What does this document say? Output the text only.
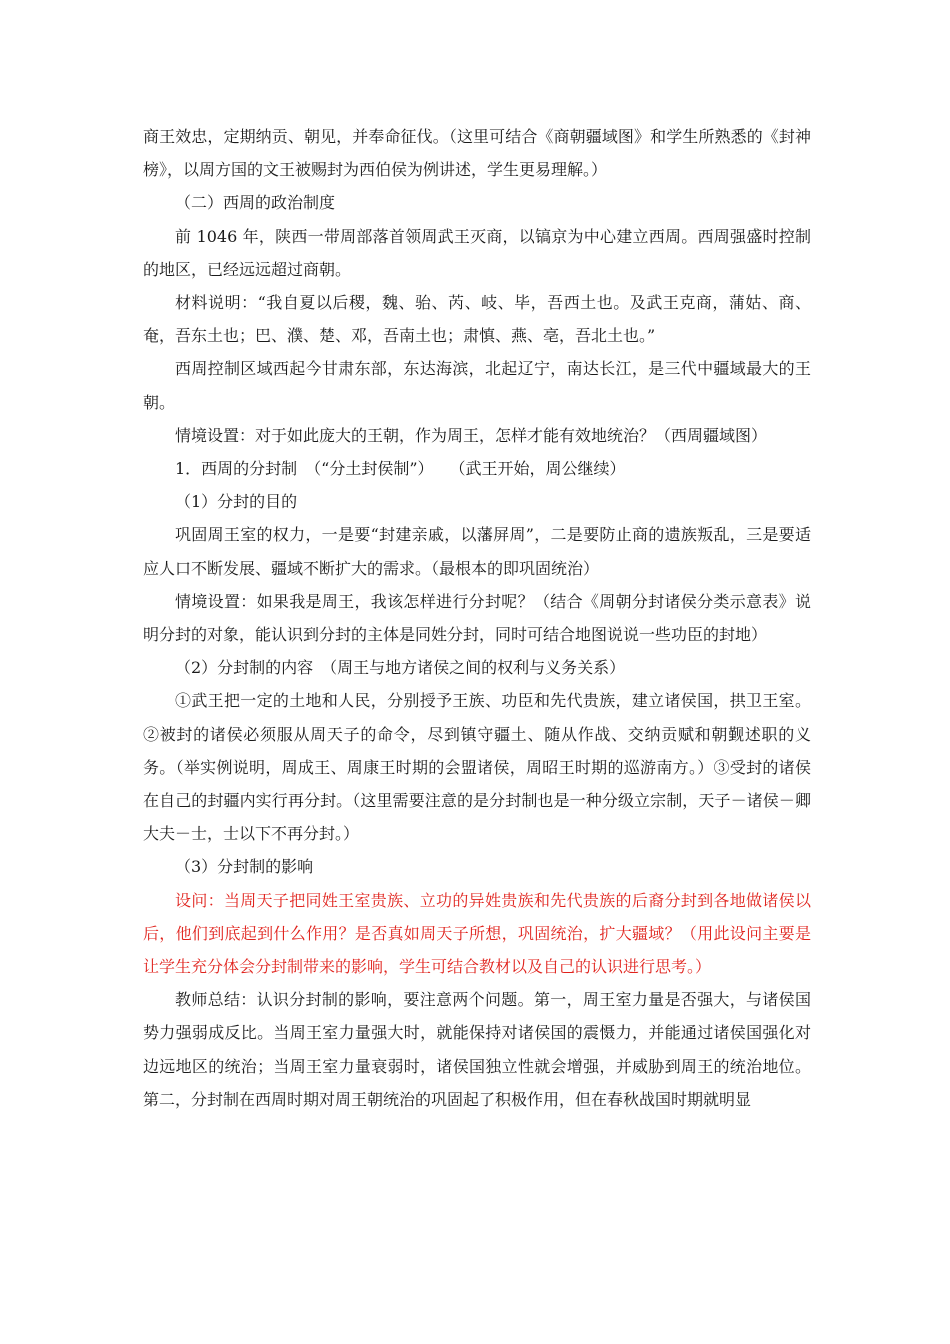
商王效忠，定期纳贡、朝见，并奉命征伐。（这里可结合《商朝疆域图》和学生所熟悉的《封神榜》，以周方国的文王被赐封为西伯侯为例讲述，学生更易理解。）

（二）西周的政治制度

前 1046 年，陕西一带周部落首领周武王灭商，以镐京为中心建立西周。西周强盛时控制的地区，已经远远超过商朝。

材料说明：“我自夏以后稷，魏、骀、芮、岐、毕，吾西土也。及武王克商，蒲姑、商、奄，吾东土也；巴、濮、楚、邓，吾南土也；肃慎、燕、亳，吾北土也。”

西周控制区域西起今甘肃东部，东达海滨，北起辽宁，南达长江，是三代中疆域最大的王朝。

情境设置：对于如此庞大的王朝，作为周王，怎样才能有效地统治？（西周疆域图）

1．西周的分封制　（“分土封侯制”）　　（武王开始，周公继续）

（1）分封的目的

巩固周王室的权力，一是要“封建亲戚，以藩屏周”，二是要防止商的遗族叛乱，三是要适应人口不断发展、疆域不断扩大的需求。（最根本的即巩固统治）

情境设置：如果我是周王，我该怎样进行分封呢？（结合《周朝分封诸侯分类示意表》说明分封的对象，能认识到分封的主体是同姓分封，同时可结合地图说说一些功臣的封地）

（2）分封制的内容　（周王与地方诸侯之间的权利与义务关系）

①武王把一定的土地和人民，分别授予王族、功臣和先代贵族，建立诸侯国，拱卫王室。②被封的诸侯必须服从周天子的命令，尽到镇守疆土、随从作战、交纳贡赋和朝觐述职的义务。（举实例说明，周成王、周康王时期的会盟诸侯，周昭王时期的巡游南方。）③受封的诸侯在自己的封疆内实行再分封。（这里需要注意的是分封制也是一种分级立宗制，天子－诸侯－卿大夫－士，士以下不再分封。）

（3）分封制的影响

设问：当周天子把同姓王室贵族、立功的异姓贵族和先代贵族的后裔分封到各地做诸侯以后，他们到底起到什么作用？是否真如周天子所想，巩固统治，扩大疆域？（用此设问主要是让学生充分体会分封制带来的影响，学生可结合教材以及自己的认识进行思考。）

教师总结：认识分封制的影响，要注意两个问题。第一，周王室力量是否强大，与诸侯国势力强弱成反比。当周王室力量强大时，就能保持对诸侯国的震慑力，并能通过诸侯国强化对边远地区的统治；当周王室力量衰弱时，诸侯国独立性就会增强，并威胁到周王的统治地位。第二，分封制在西周时期对周王朝统治的巩固起了积极作用，但在春秋战国时期就明显
